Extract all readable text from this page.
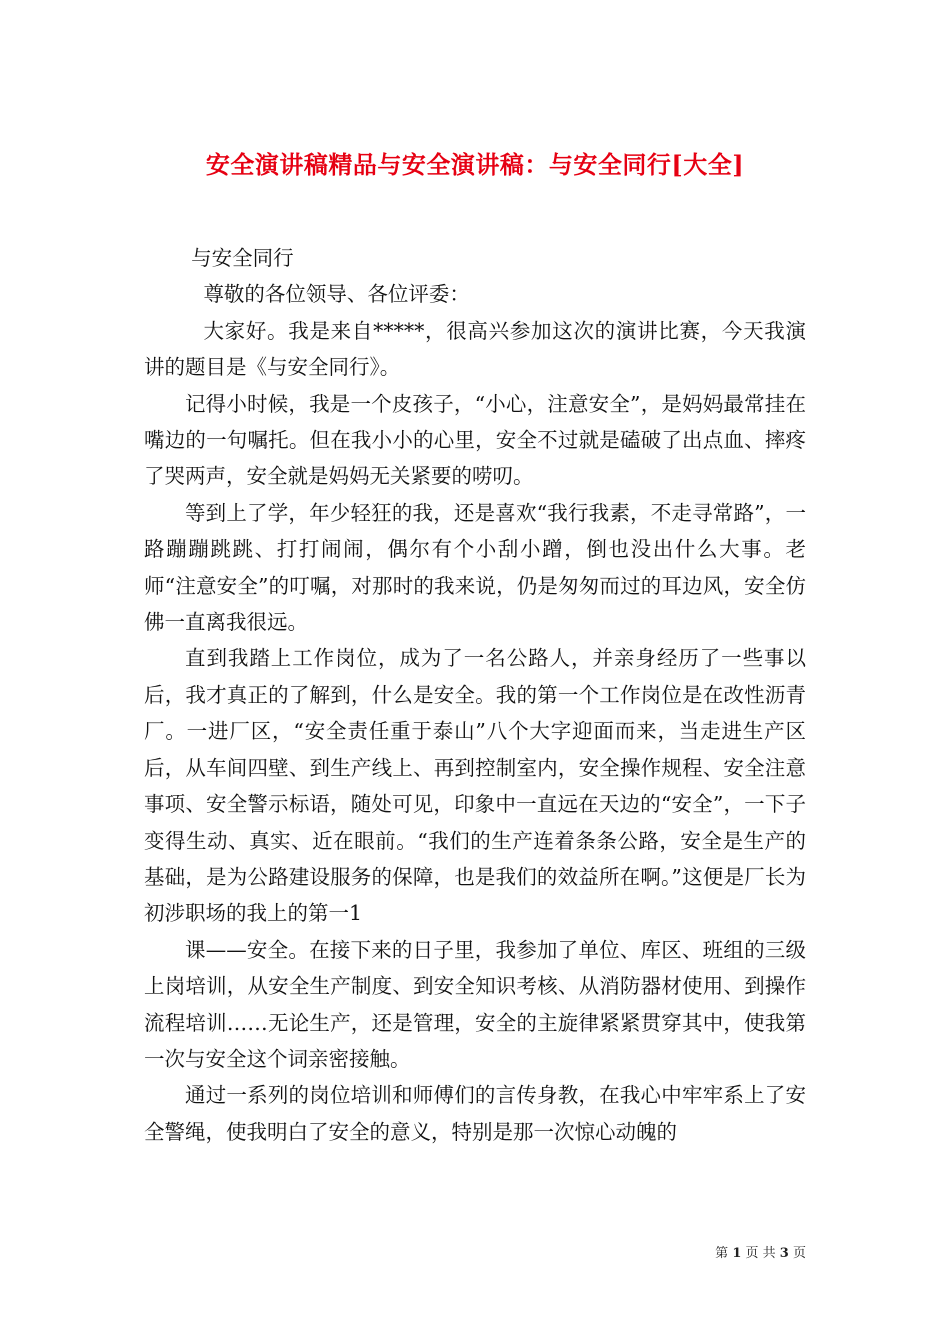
安全演讲稿精品与安全演讲稿：与安全同行[大全]

与安全同行

尊敬的各位领导、各位评委：

大家好。我是来自*****，很高兴参加这次的演讲比赛，今天我演讲的题目是《与安全同行》。

记得小时候，我是一个皮孩子，“小心，注意安全”，是妈妈最常挂在嘴边的一句嘱托。但在我小小的心里，安全不过就是磕破了出点血、摔疼了哭两声，安全就是妈妈无关紧要的唠叨。

等到上了学，年少轻狂的我，还是喜欢“我行我素，不走寻常路”，一路蹦蹦跳跳、打打闹闹，偶尔有个小刮小蹭，倒也没出什么大事。老师“注意安全”的叮嘱，对那时的我来说，仍是匆匆而过的耳边风，安全仿佛一直离我很远。

直到我踏上工作岗位，成为了一名公路人，并亲身经历了一些事以后，我才真正的了解到，什么是安全。我的第一个工作岗位是在改性沥青厂。一进厂区，“安全责任重于泰山”八个大字迎面而来，当走进生产区后，从车间四壁、到生产线上、再到控制室内，安全操作规程、安全注意事项、安全警示标语，随处可见，印象中一直远在天边的“安全”，一下子变得生动、真实、近在眼前。“我们的生产连着条条公路，安全是生产的基础，是为公路建设服务的保障，也是我们的效益所在啊。”这便是厂长为初涉职场的我上的第一1

课——安全。在接下来的日子里，我参加了单位、库区、班组的三级上岗培训，从安全生产制度、到安全知识考核、从消防器材使用、到操作流程培训……无论生产，还是管理，安全的主旋律紧紧贯穿其中，使我第一次与安全这个词亲密接触。

通过一系列的岗位培训和师傅们的言传身教，在我心中牢牢系上了安全警绳，使我明白了安全的意义，特别是那一次惊心动魄的

第 1 页 共 3 页
